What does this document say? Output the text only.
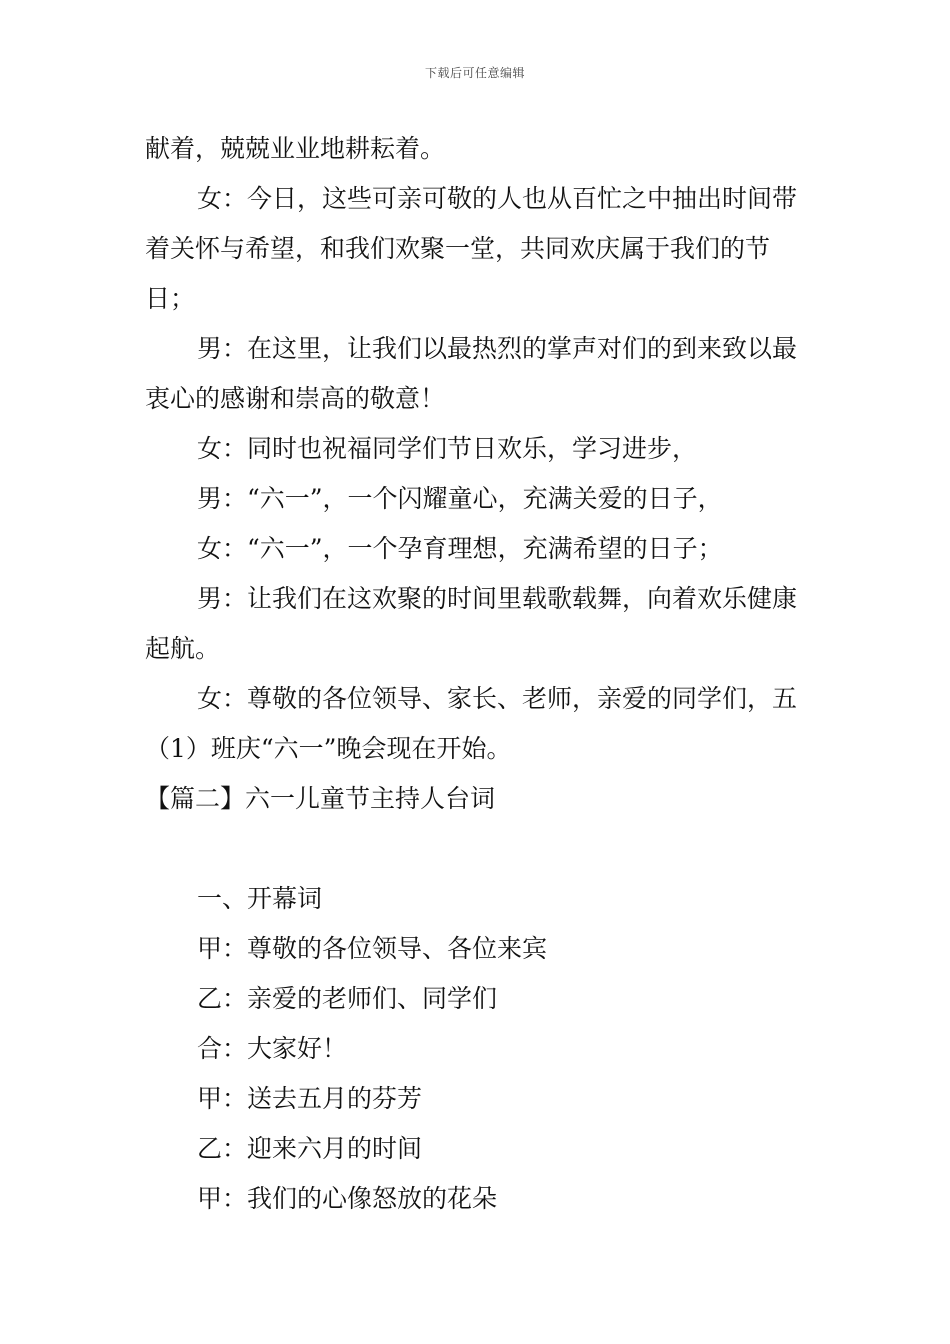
下载后可任意编辑

献着，兢兢业业地耕耘着。

女：今日，这些可亲可敬的人也从百忙之中抽出时间带着关怀与希望，和我们欢聚一堂，共同欢庆属于我们的节日；

男：在这里，让我们以最热烈的掌声对们的到来致以最衷心的感谢和崇高的敬意！

女：同时也祝福同学们节日欢乐，学习进步，

男：“六一”，一个闪耀童心，充满关爱的日子，

女：“六一”，一个孕育理想，充满希望的日子；

男：让我们在这欢聚的时间里载歌载舞，向着欢乐健康起航。

女：尊敬的各位领导、家长、老师，亲爱的同学们，五（1）班庆“六一”晚会现在开始。

【篇二】六一儿童节主持人台词

一、开幕词

甲：尊敬的各位领导、各位来宾

乙：亲爱的老师们、同学们

合：大家好！

甲：送去五月的芬芳

乙：迎来六月的时间

甲：我们的心像怒放的花朵
